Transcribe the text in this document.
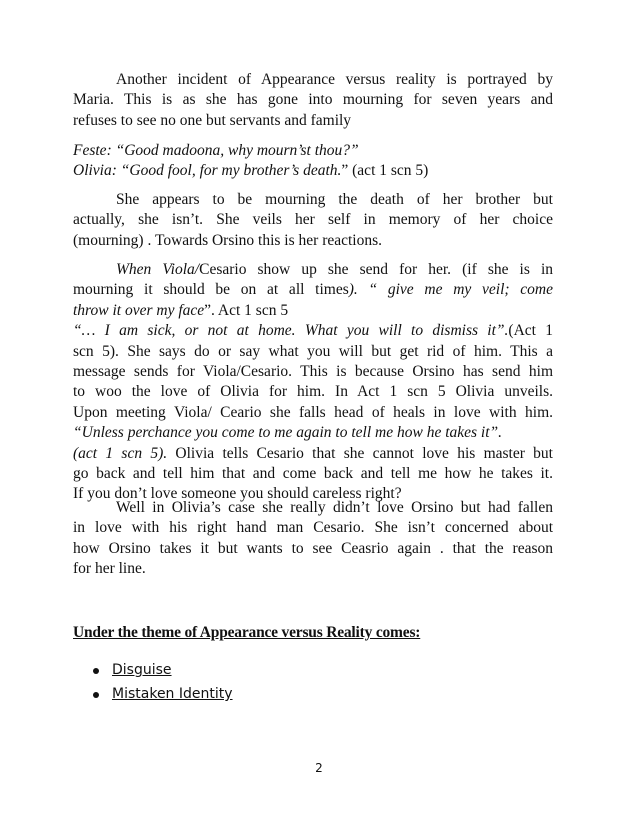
Another incident of Appearance versus reality is portrayed by
Maria. This is as she has gone into mourning for seven years and
refuses to see no one but servants and family

Feste: “Good madoona, why mourn’st thou?”
Olivia: “Good fool, for my brother’s death.” (act 1 scn 5)

She appears to be mourning the death of her brother but
actually, she isn’t. She veils her self in memory of her choice
(mourning) . Towards Orsino this is her reactions.

When Viola/Cesario show up she send for her. (if she is in
mourning it should be on at all times). “ give me my veil; come
throw it over my face”. Act 1 scn 5
“… I am sick, or not at home. What you will to dismiss it”.(Act 1
scn 5). She says do or say what you will but get rid of him. This a
message sends for Viola/Cesario. This is because Orsino has send him
to woo the love of Olivia for him. In Act 1 scn 5 Olivia unveils.
Upon meeting Viola/ Ceario she falls head of heals in love with him.
“Unless perchance you come to me again to tell me how he takes it”.
(act 1 scn 5). Olivia tells Cesario that she cannot love his master but
go back and tell him that and come back and tell me how he takes it.
If you don’t love someone you should careless right?

Well in Olivia’s case she really didn’t love Orsino but had fallen
in love with his right hand man Cesario. She isn’t concerned about
how Orsino takes it but wants to see Ceasrio again . that the reason
for her line.

Under the theme of Appearance versus Reality comes:

Disguise
Mistaken Identity
2
